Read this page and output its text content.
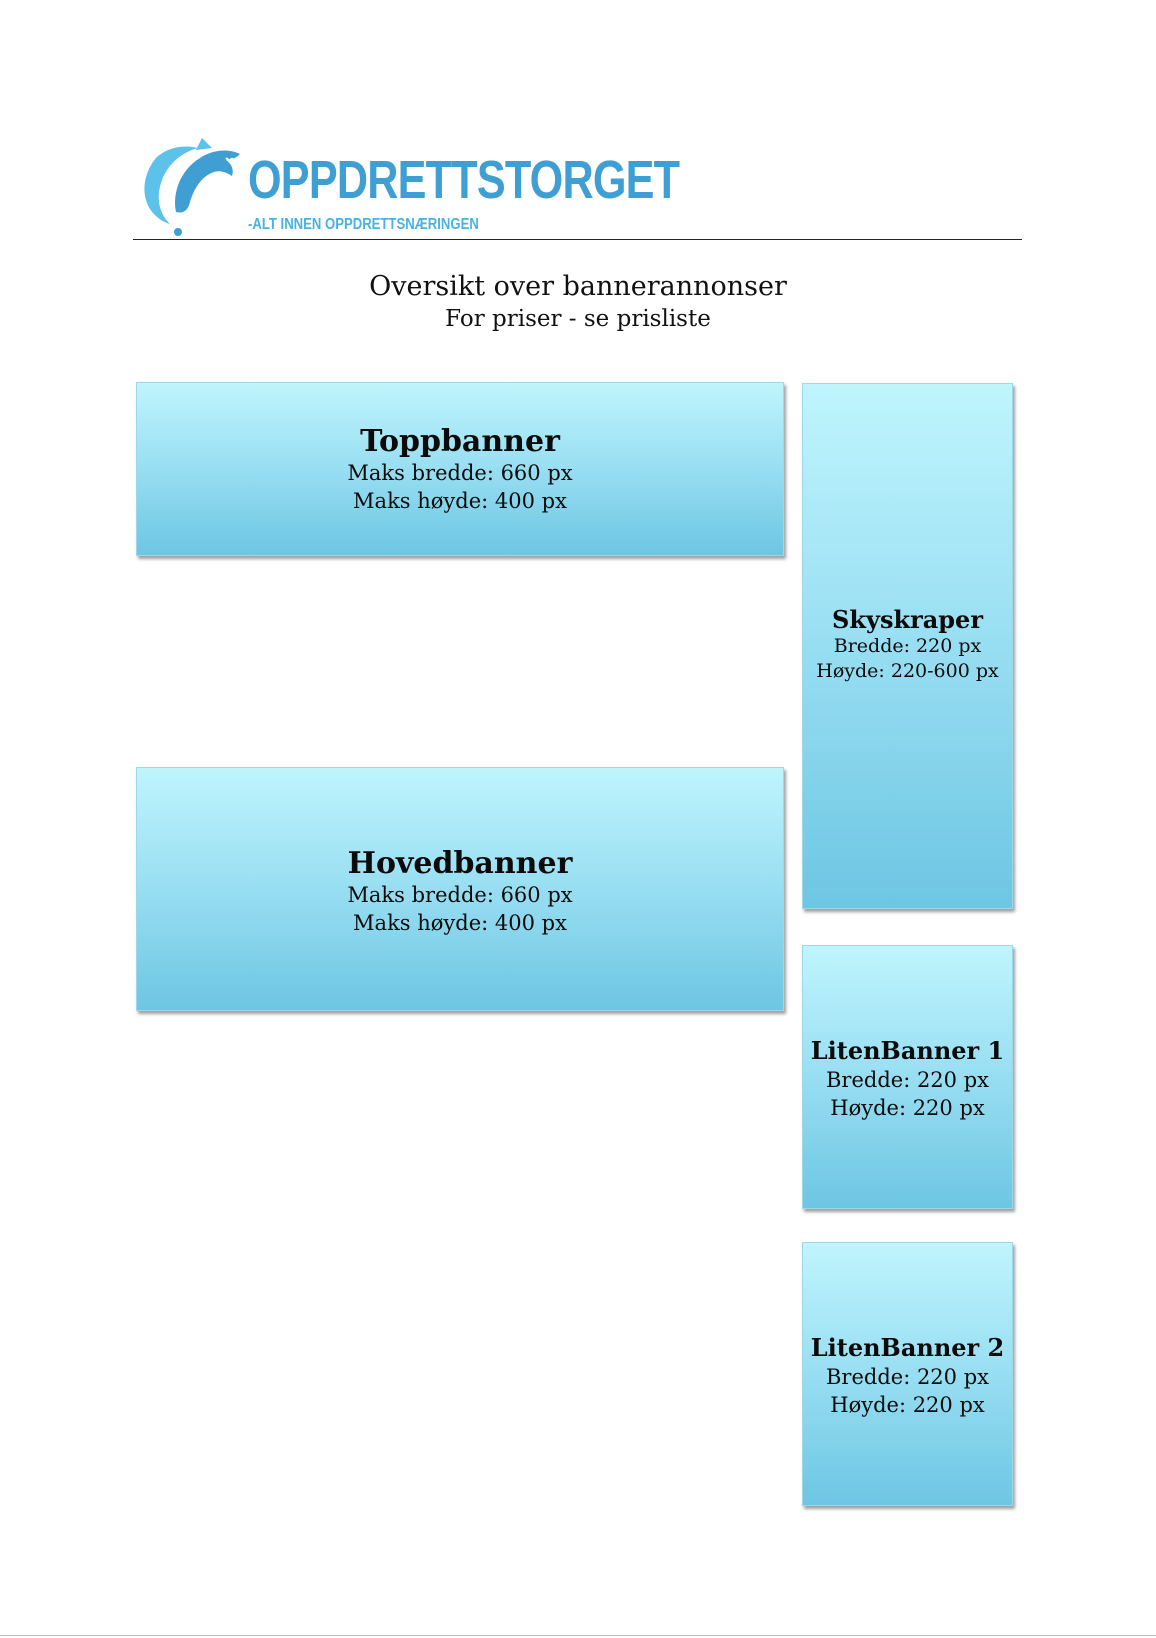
OPPDRETTSTORGET
-ALT INNEN OPPDRETTSNÆRINGEN
Oversikt over bannerannonser
For priser - se prisliste
Toppbanner
Maks bredde: 660 px
Maks høyde: 400 px
Skyskraper
Bredde: 220 px
Høyde: 220-600 px
Hovedbanner
Maks bredde: 660 px
Maks høyde: 400 px
LitenBanner 1
Bredde: 220 px
Høyde: 220 px
LitenBanner 2
Bredde: 220 px
Høyde: 220 px
